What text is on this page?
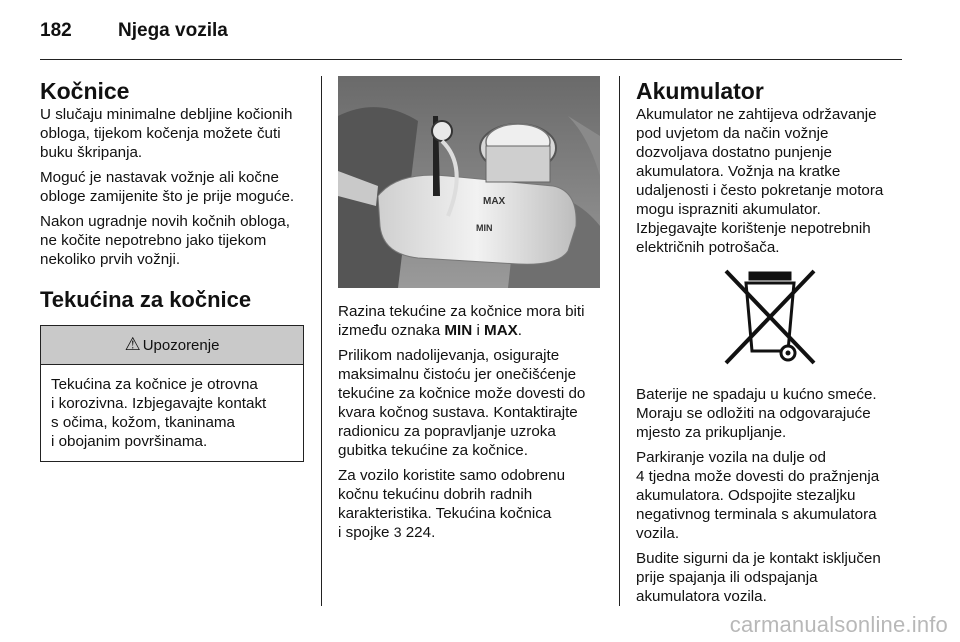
182 Njega vozila
Kočnice

U slučaju minimalne debljine kočionih obloga, tijekom kočenja možete čuti buku škripanja.

Moguć je nastavak vožnje ali kočne obloge zamijenite što je prije moguće.

Nakon ugradnje novih kočnih obloga, ne kočite nepotrebno jako tijekom nekoliko prvih vožnji.

Tekućina za kočnice
⚠ Upozorenje

Tekućina za kočnice je otrovna

i korozivna. Izbjegavajte kontakt

s očima, kožom, tkaninama

i obojanim površinama.

MAX
MIN

Razina tekućine za kočnice mora biti između oznaka MIN i MAX.

Prilikom nadolijevanja, osigurajte maksimalnu čistoću jer onečišćenje tekućine za kočnice može dovesti do kvara kočnog sustava. Kontaktirajte radionicu za popravljanje uzroka gubitka tekućine za kočnice.

Za vozilo koristite samo odobrenu

kočnu tekućinu dobrih radnih

karakteristika. Tekućina kočnica

i spojke 3 224.

Akumulator

Akumulator ne zahtijeva održavanje pod uvjetom da način vožnje dozvoljava dostatno punjenje akumulatora. Vožnja na kratke udaljenosti i često pokretanje motora mogu isprazniti akumulator.

Izbjegavajte korištenje nepotrebnih električnih potrošača.

Baterije ne spadaju u kućno smeće. Moraju se odložiti na odgovarajuće mjesto za prikupljanje.

Parkiranje vozila na dulje od

4 tjedna može dovesti do pražnjenja

akumulatora. Odspojite stezaljku

negativnog terminala s akumulatora

vozila.

Budite sigurni da je kontakt isključen prije spajanja ili odspajanja akumulatora vozila.

carmanualsonline.info
